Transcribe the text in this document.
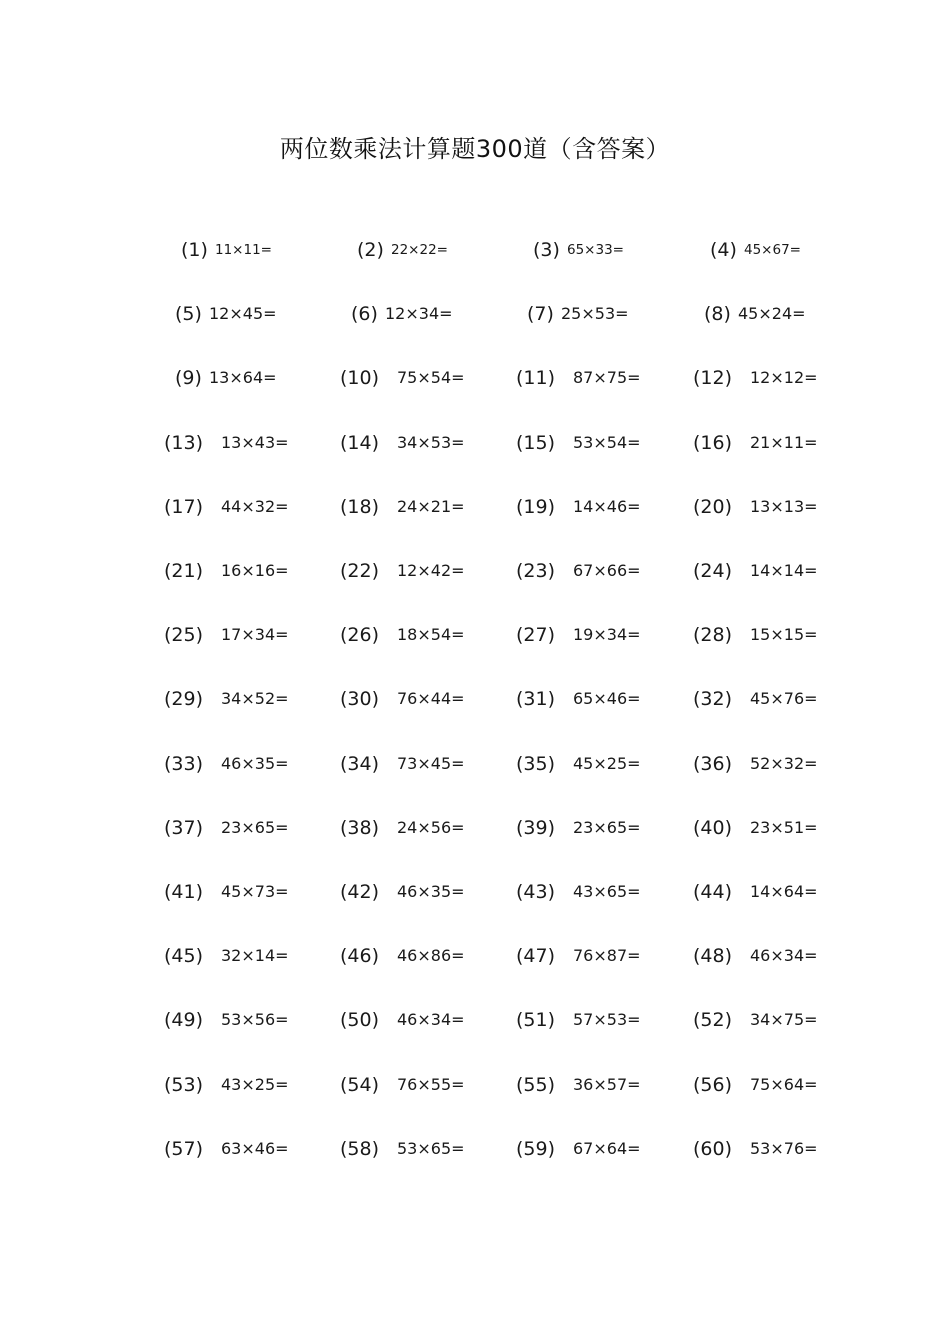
两位数乘法计算题300道（含答案）
(1) 11×11=	(2) 22×22=	(3) 65×33=	(4) 45×67=
(5) 12×45=	(6) 12×34=	(7) 25×53=	(8) 45×24=
(9) 13×64=	(10) 75×54=	(11) 87×75=	(12) 12×12=
(13) 13×43=	(14) 34×53=	(15) 53×54=	(16) 21×11=
(17) 44×32=	(18) 24×21=	(19) 14×46=	(20) 13×13=
(21) 16×16=	(22) 12×42=	(23) 67×66=	(24) 14×14=
(25) 17×34=	(26) 18×54=	(27) 19×34=	(28) 15×15=
(29) 34×52=	(30) 76×44=	(31) 65×46=	(32) 45×76=
(33) 46×35=	(34) 73×45=	(35) 45×25=	(36) 52×32=
(37) 23×65=	(38) 24×56=	(39) 23×65=	(40) 23×51=
(41) 45×73=	(42) 46×35=	(43) 43×65=	(44) 14×64=
(45) 32×14=	(46) 46×86=	(47) 76×87=	(48) 46×34=
(49) 53×56=	(50) 46×34=	(51) 57×53=	(52) 34×75=
(53) 43×25=	(54) 76×55=	(55) 36×57=	(56) 75×64=
(57) 63×46=	(58) 53×65=	(59) 67×64=	(60) 53×76=
